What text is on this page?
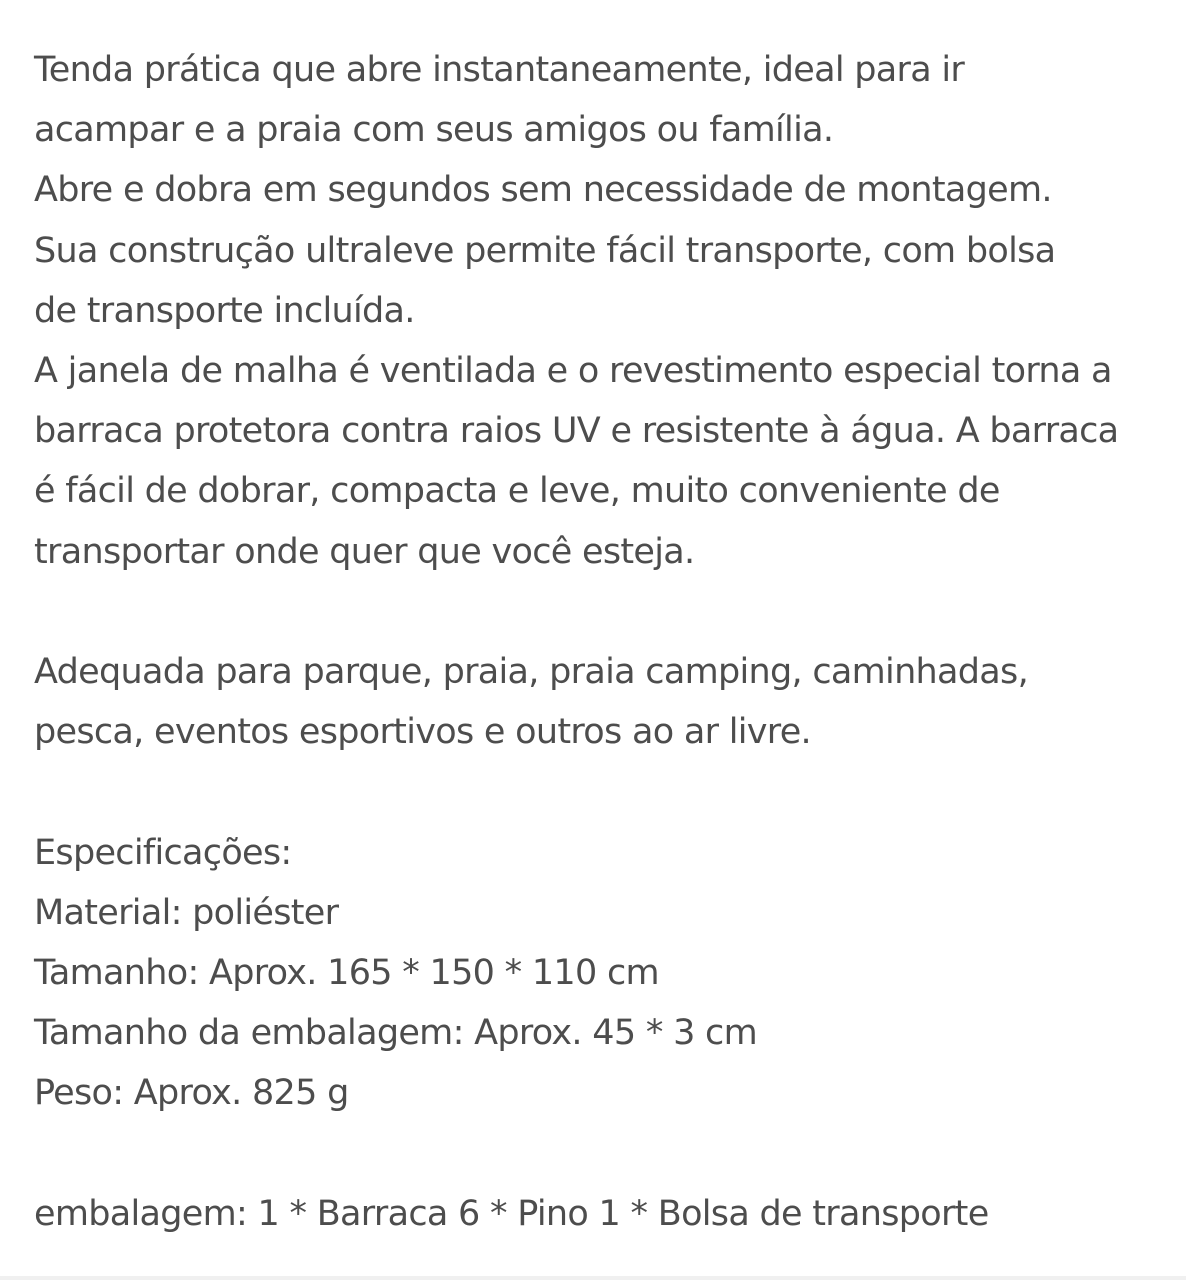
Tenda prática que abre instantaneamente, ideal para ir
acampar e a praia com seus amigos ou família.
Abre e dobra em segundos sem necessidade de montagem.
Sua construção ultraleve permite fácil transporte, com bolsa
de transporte incluída.
A janela de malha é ventilada e o revestimento especial torna a
barraca protetora contra raios UV e resistente à água. A barraca
é fácil de dobrar, compacta e leve, muito conveniente de
transportar onde quer que você esteja.
Adequada para parque, praia, praia camping, caminhadas,
pesca, eventos esportivos e outros ao ar livre.
Especificações:
Material: poliéster
Tamanho: Aprox. 165 * 150 * 110 cm
Tamanho da embalagem: Aprox. 45 * 3 cm
Peso: Aprox. 825 g
embalagem: 1 * Barraca 6 * Pino 1 * Bolsa de transporte
